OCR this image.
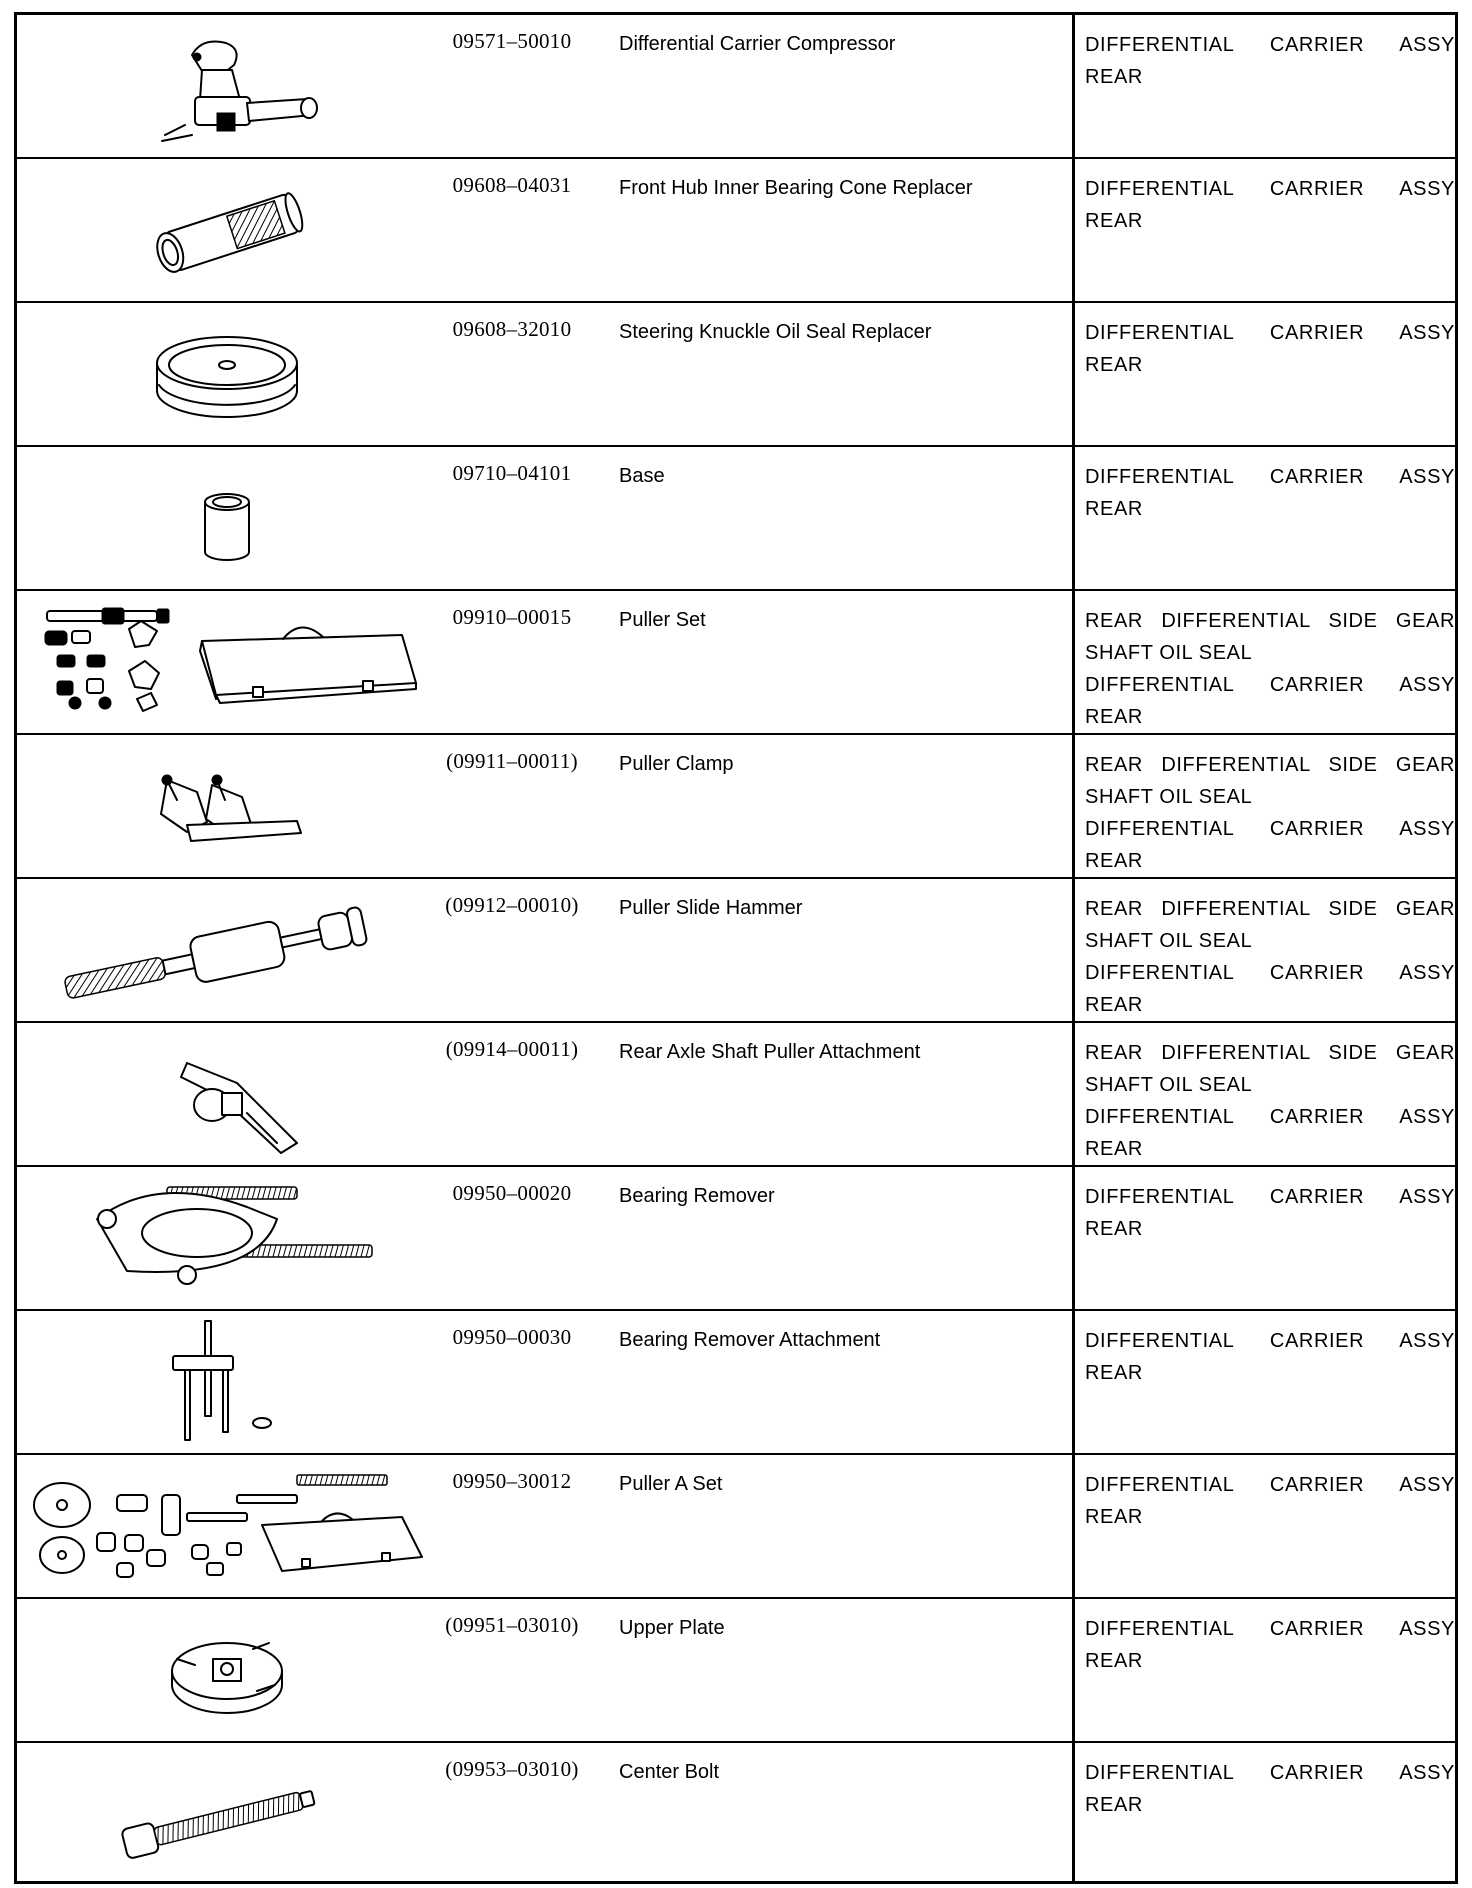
09571–50010	Differential Carrier Compressor	DIFFERENTIAL CARRIER ASSY
REAR
09608–04031	Front Hub Inner Bearing Cone Replacer	DIFFERENTIAL CARRIER ASSY
REAR
09608–32010	Steering Knuckle Oil Seal Replacer	DIFFERENTIAL CARRIER ASSY
REAR
09710–04101	Base	DIFFERENTIAL CARRIER ASSY
REAR
09910–00015	Puller Set	REAR DIFFERENTIAL SIDE GEAR
SHAFT OIL SEAL
DIFFERENTIAL CARRIER ASSY
REAR
(09911–00011)	Puller Clamp	REAR DIFFERENTIAL SIDE GEAR
SHAFT OIL SEAL
DIFFERENTIAL CARRIER ASSY
REAR
(09912–00010)	Puller Slide Hammer	REAR DIFFERENTIAL SIDE GEAR
SHAFT OIL SEAL
DIFFERENTIAL CARRIER ASSY
REAR
(09914–00011)	Rear Axle Shaft Puller Attachment	REAR DIFFERENTIAL SIDE GEAR
SHAFT OIL SEAL
DIFFERENTIAL CARRIER ASSY
REAR
09950–00020	Bearing Remover	DIFFERENTIAL CARRIER ASSY
REAR
09950–00030	Bearing Remover Attachment	DIFFERENTIAL CARRIER ASSY
REAR
09950–30012	Puller A Set	DIFFERENTIAL CARRIER ASSY
REAR
(09951–03010)	Upper Plate	DIFFERENTIAL CARRIER ASSY
REAR
(09953–03010)	Center Bolt	DIFFERENTIAL CARRIER ASSY
REAR
